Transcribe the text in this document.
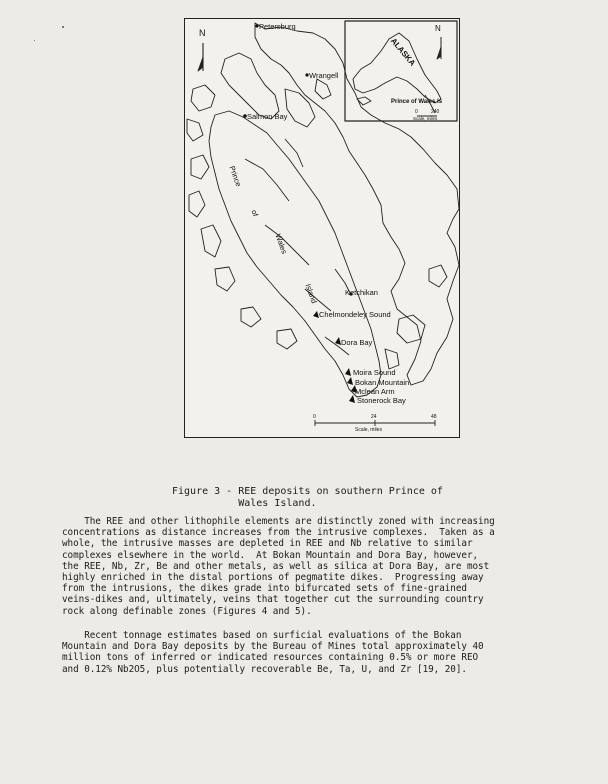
N	N
Petersburg
Wrangell
Salmon Bay
Ketchikan
Chelmondeley Sound
Dora Bay
Moira Sound
Bokan Mountain
Mclean Arm
Stonerock Bay
Prince
of
Wales
Island
ALASKA
Prince of Wales Is
0	240
Scale, miles
0	24	48
Scale, miles
Figure 3 - REE deposits on southern Prince of
Wales Island.
The REE and other lithophile elements are distinctly zoned with increasing
concentrations as distance increases from the intrusive complexes.  Taken as a
whole, the intrusive masses are depleted in REE and Nb relative to similar
complexes elsewhere in the world.  At Bokan Mountain and Dora Bay, however,
the REE, Nb, Zr, Be and other metals, as well as silica at Dora Bay, are most
highly enriched in the distal portions of pegmatite dikes.  Progressing away
from the intrusions, the dikes grade into bifurcated sets of fine-grained
veins-dikes and, ultimately, veins that together cut the surrounding country
rock along definable zones (Figures 4 and 5).
Recent tonnage estimates based on surficial evaluations of the Bokan
Mountain and Dora Bay deposits by the Bureau of Mines total approximately 40
million tons of inferred or indicated resources containing 0.5% or more REO
and 0.12% Nb2O5, plus potentially recoverable Be, Ta, U, and Zr [19, 20].
